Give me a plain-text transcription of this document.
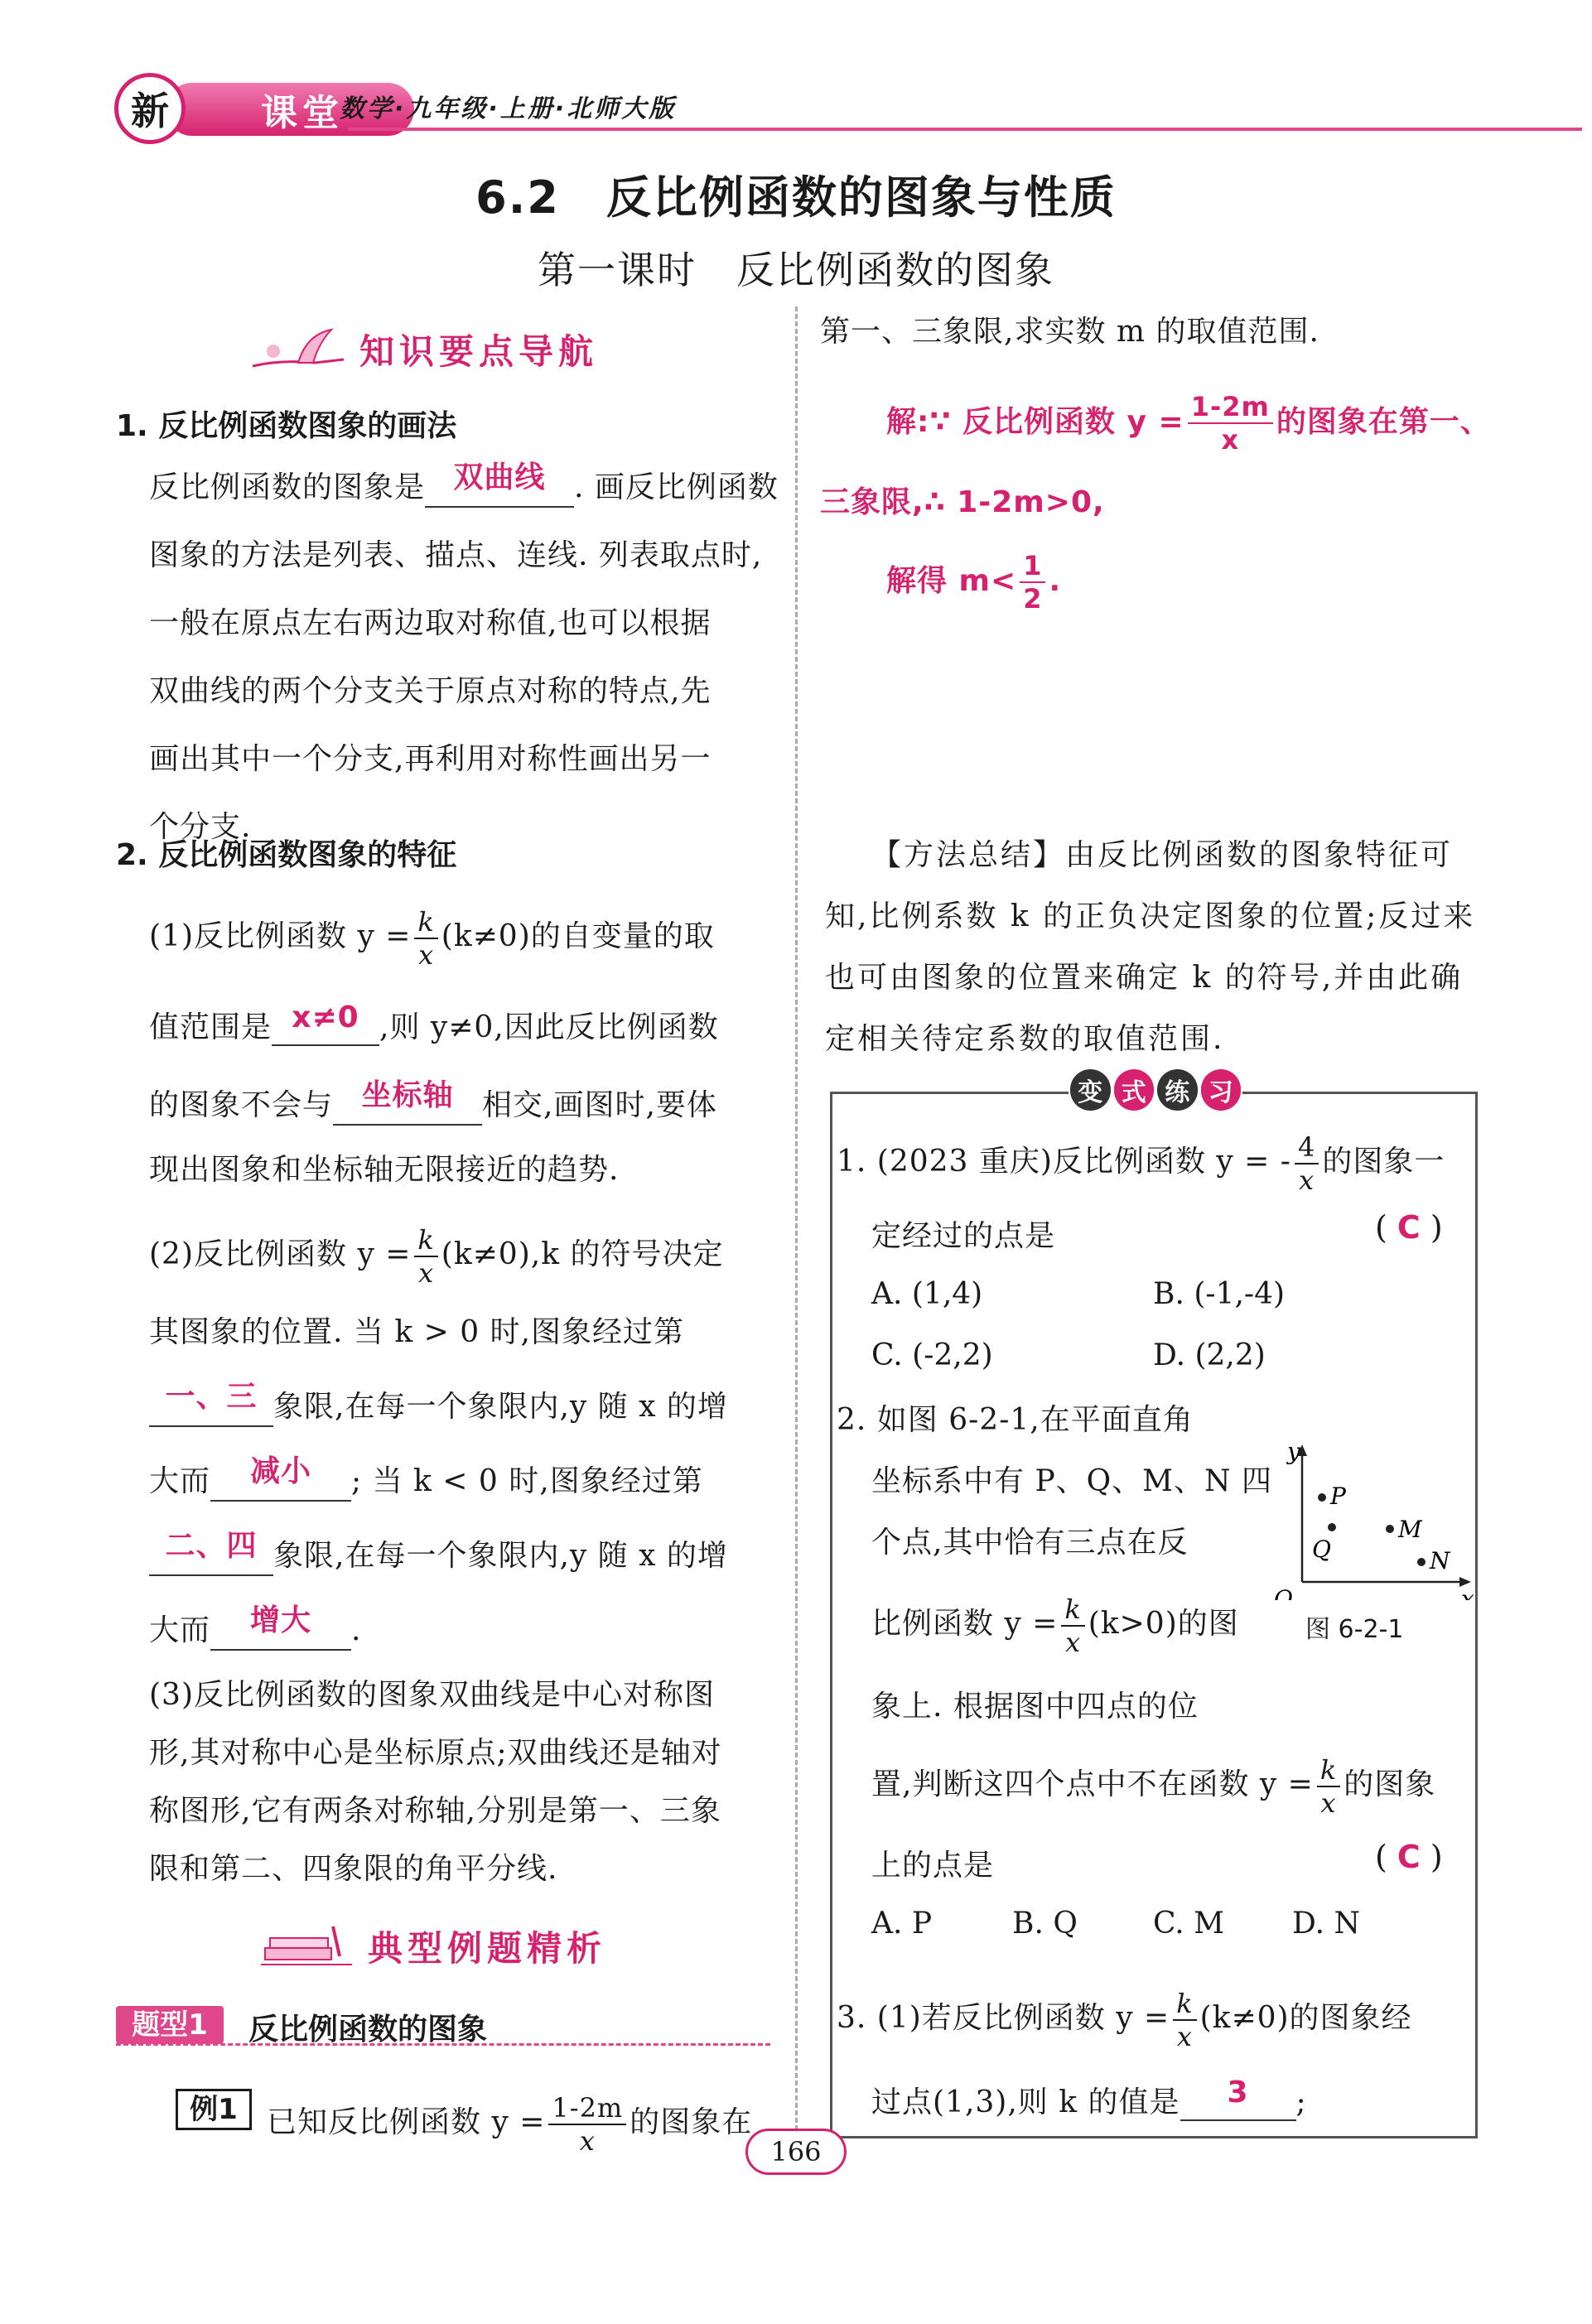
新	课堂
数学·九年级·上册·北师大版
6.2　反比例函数的图象与性质
第一课时　反比例函数的图象
知识要点导航
1. 反比例函数图象的画法
反比例函数的图象是 双曲线 . 画反比例函数
图象的方法是列表、描点、连线. 列表取点时,
一般在原点左右两边取对称值,也可以根据
双曲线的两个分支关于原点对称的特点,先
画出其中一个分支,再利用对称性画出另一
个分支.
2. 反比例函数图象的特征
(1)反比例函数 $y = \frac{k}{x} (k\ne 0)$的自变量的取
值范围是 x≠0 ,则 y≠0,因此反比例函数
的图象不会与 坐标轴 相交,画图时,要体
现出图象和坐标轴无限接近的趋势.
(2)反比例函数 $y = \frac{k}{x} (k\ne 0),k$ 的符号决定
其图象的位置. 当 k > 0 时,图象经过第
一、三 象限,在每一个象限内,y 随 x 的增
大而 减小 ; 当 k < 0 时,图象经过第
二、四 象限,在每一个象限内,y 随 x 的增
大而 增大 .
(3)反比例函数的图象双曲线是中心对称图
形,其对称中心是坐标原点;双曲线还是轴对
称图形,它有两条对称轴,分别是第一、三象
限和第二、四象限的角平分线.
典型例题精析
题型1	反比例函数的图象
例1 已知反比例函数 $y = \frac{1-2m}{x}$ 的图象在
第一、三象限,求实数 m 的取值范围.
解:∵ 反比例函数 $y = \frac{1-2m}{x}$ 的图象在第一、
三象限,∴ 1-2m>0,
解得 $m< \frac{1}{2}$ .
【方法总结】由反比例函数的图象特征可
知,比例系数 k 的正负决定图象的位置;反过来
也可由图象的位置来确定 k 的符号,并由此确
定相关待定系数的取值范围.
变 式 练 习
1. (2023 重庆)反比例函数 y = - $\frac{4}{x}$ 的图象一
定经过的点是	( C )
A. (1,4)	B. (-1,-4)
C. (-2,2)	D. (2,2)
2. 如图 6-2-1,在平面直角
坐标系中有 P、Q、M、N 四
个点,其中恰有三点在反
比例函数 $y = \frac{k}{x} (k>0)$的图
象上. 根据图中四点的位
置,判断这四个点中不在函数 $y = \frac{k}{x}$ 的图象
上的点是	( C )
A. P	B. Q	C. M D. N
y
x
O
P
Q
M
N
图 6-2-1
3. (1)若反比例函数 $y = \frac{k}{x} (k\ne 0)$的图象经
过点(1,3),则 k 的值是 3 ;
166
